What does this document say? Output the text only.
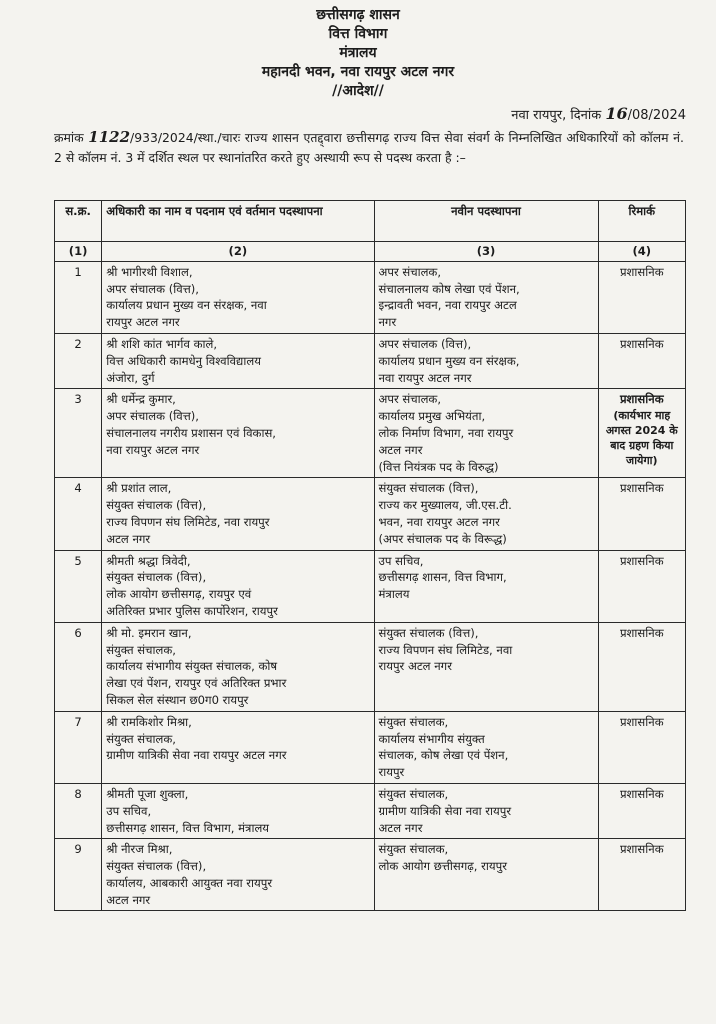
छत्तीसगढ़ शासन
वित्त विभाग
मंत्रालय
महानदी भवन, नवा रायपुर अटल नगर
//आदेश//
नवा रायपुर, दिनांक 16/08/2024
क्रमांक 1122/933/2024/स्था./चारः राज्य शासन एतद्द्वारा छत्तीसगढ़ राज्य वित्त सेवा संवर्ग के निम्नलिखित अधिकारियों को कॉलम नं. 2 से कॉलम नं. 3 में दर्शित स्थल पर स्थानांतरित करते हुए अस्थायी रूप से पदस्थ करता है :–
स.क्र.	अधिकारी का नाम व पदनाम एवं वर्तमान पदस्थापना	नवीन पदस्थापना	रिमार्क
(1)	(2)	(3)	(4)
1	श्री भागीरथी विशाल,
अपर संचालक (वित्त),
कार्यालय प्रधान मुख्य वन संरक्षक, नवा
रायपुर अटल नगर	अपर संचालक,
संचालनालय कोष लेखा एवं पेंशन,
इन्द्रावती भवन, नवा रायपुर अटल
नगर	प्रशासनिक
2	श्री शशि कांत भार्गव काले,
वित्त अधिकारी कामधेनु विश्वविद्यालय
अंजोरा, दुर्ग	अपर संचालक (वित्त),
कार्यालय प्रधान मुख्य वन संरक्षक,
नवा रायपुर अटल नगर	प्रशासनिक
3	श्री धर्मेन्द्र कुमार,
अपर संचालक (वित्त),
संचालनालय नगरीय प्रशासन एवं विकास,
नवा रायपुर अटल नगर	अपर संचालक,
कार्यालय प्रमुख अभियंता,
लोक निर्माण विभाग, नवा रायपुर
अटल नगर
(वित्त नियंत्रक पद के विरुद्ध)	प्रशासनिक
(कार्यभार माह अगस्त 2024 के बाद ग्रहण किया जायेगा)

4	श्री प्रशांत लाल,
संयुक्त संचालक (वित्त),
राज्य विपणन संघ लिमिटेड, नवा रायपुर
अटल नगर	संयुक्त संचालक (वित्त),
राज्य कर मुख्यालय, जी.एस.टी.
भवन, नवा रायपुर अटल नगर
(अपर संचालक पद के विरूद्ध)	प्रशासनिक
5	श्रीमती श्रद्धा त्रिवेदी,
संयुक्त संचालक (वित्त),
लोक आयोग छत्तीसगढ़, रायपुर एवं
अतिरिक्त प्रभार पुलिस कार्पोरेशन, रायपुर	उप सचिव,
छत्तीसगढ़ शासन, वित्त विभाग,
मंत्रालय	प्रशासनिक
6	श्री मो. इमरान खान,
संयुक्त संचालक,
कार्यालय संभागीय संयुक्त संचालक, कोष
लेखा एवं पेंशन, रायपुर एवं अतिरिक्त प्रभार
सिकल सेल संस्थान छ0ग0 रायपुर	संयुक्त संचालक (वित्त),
राज्य विपणन संघ लिमिटेड, नवा
रायपुर अटल नगर	प्रशासनिक
7	श्री रामकिशोर मिश्रा,
संयुक्त संचालक,
ग्रामीण यात्रिकी सेवा नवा रायपुर अटल नगर	संयुक्त संचालक,
कार्यालय संभागीय संयुक्त
संचालक, कोष लेखा एवं पेंशन,
रायपुर	प्रशासनिक
8	श्रीमती पूजा शुक्ला,
उप सचिव,
छत्तीसगढ़ शासन, वित्त विभाग, मंत्रालय	संयुक्त संचालक,
ग्रामीण यात्रिकी सेवा नवा रायपुर
अटल नगर	प्रशासनिक
9	श्री नीरज मिश्रा,
संयुक्त संचालक (वित्त),
कार्यालय, आबकारी आयुक्त नवा रायपुर
अटल नगर	संयुक्त संचालक,
लोक आयोग छत्तीसगढ़, रायपुर	प्रशासनिक
